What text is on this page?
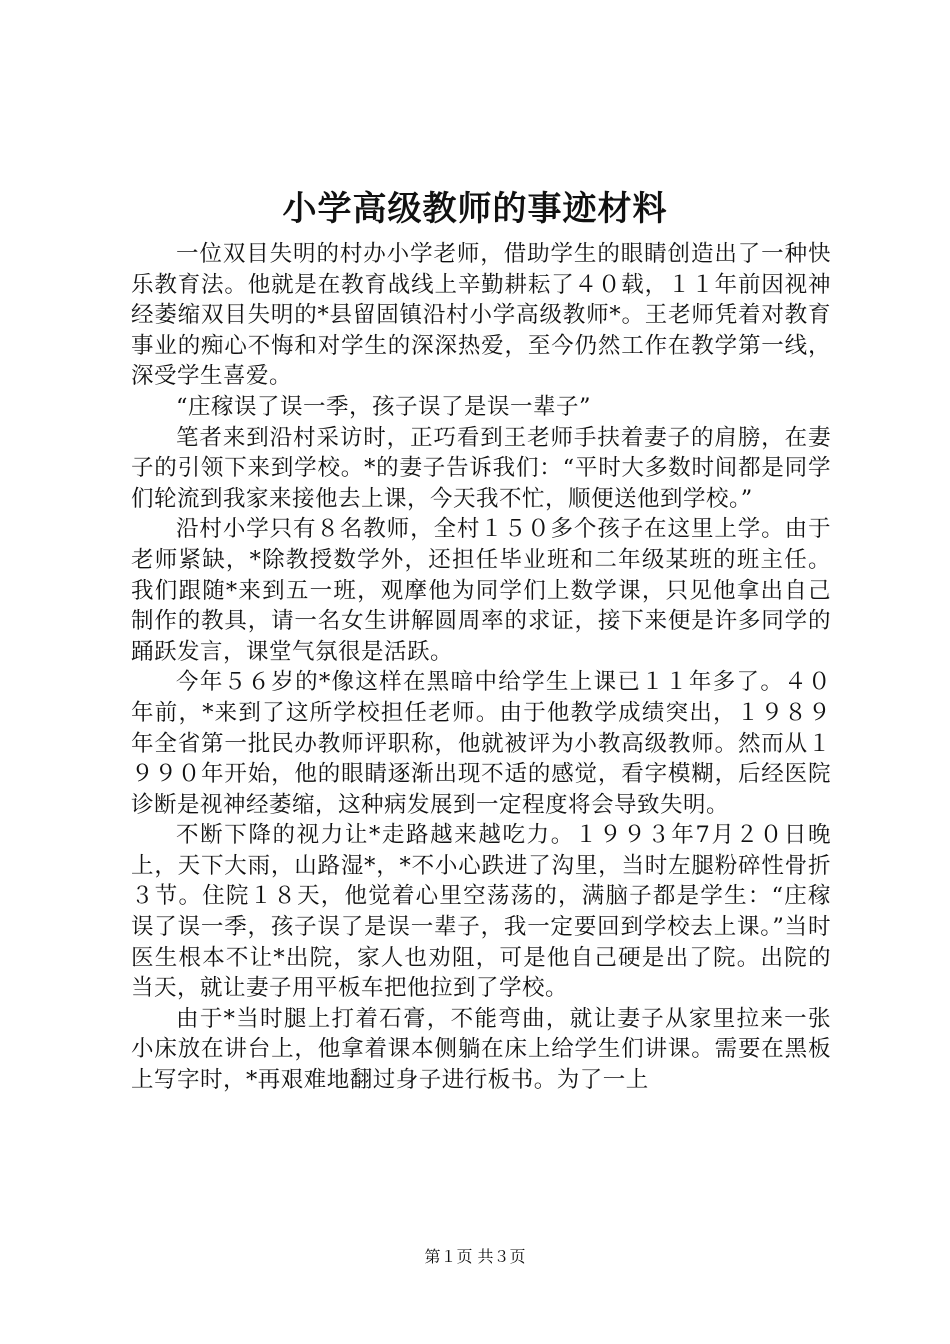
小学高级教师的事迹材料

一位双目失明的村办小学老师，借助学生的眼睛创造出了一种快乐教育法。他就是在教育战线上辛勤耕耘了４０载，１１年前因视神经萎缩双目失明的*县留固镇沿村小学高级教师*。王老师凭着对教育事业的痴心不悔和对学生的深深热爱，至今仍然工作在教学第一线，深受学生喜爱。

“庄稼误了误一季，孩子误了是误一辈子”

笔者来到沿村采访时，正巧看到王老师手扶着妻子的肩膀，在妻子的引领下来到学校。*的妻子告诉我们：“平时大多数时间都是同学们轮流到我家来接他去上课，今天我不忙，顺便送他到学校。”

沿村小学只有８名教师，全村１５０多个孩子在这里上学。由于老师紧缺，*除教授数学外，还担任毕业班和二年级某班的班主任。我们跟随*来到五一班，观摩他为同学们上数学课，只见他拿出自己制作的教具，请一名女生讲解圆周率的求证，接下来便是许多同学的踊跃发言，课堂气氛很是活跃。

今年５６岁的*像这样在黑暗中给学生上课已１１年多了。４０年前，*来到了这所学校担任老师。由于他教学成绩突出，１９８９年全省第一批民办教师评职称，他就被评为小教高级教师。然而从１９９０年开始，他的眼睛逐渐出现不适的感觉，看字模糊，后经医院诊断是视神经萎缩，这种病发展到一定程度将会导致失明。

不断下降的视力让*走路越来越吃力。１９９３年7月２０日晚上，天下大雨，山路湿*，*不小心跌进了沟里，当时左腿粉碎性骨折３节。住院１８天，他觉着心里空荡荡的，满脑子都是学生：“庄稼误了误一季，孩子误了是误一辈子，我一定要回到学校去上课。”当时医生根本不让*出院，家人也劝阻，可是他自己硬是出了院。出院的当天，就让妻子用平板车把他拉到了学校。

由于*当时腿上打着石膏，不能弯曲，就让妻子从家里拉来一张小床放在讲台上，他拿着课本侧躺在床上给学生们讲课。需要在黑板上写字时，*再艰难地翻过身子进行板书。为了一上

第１页 共３页
